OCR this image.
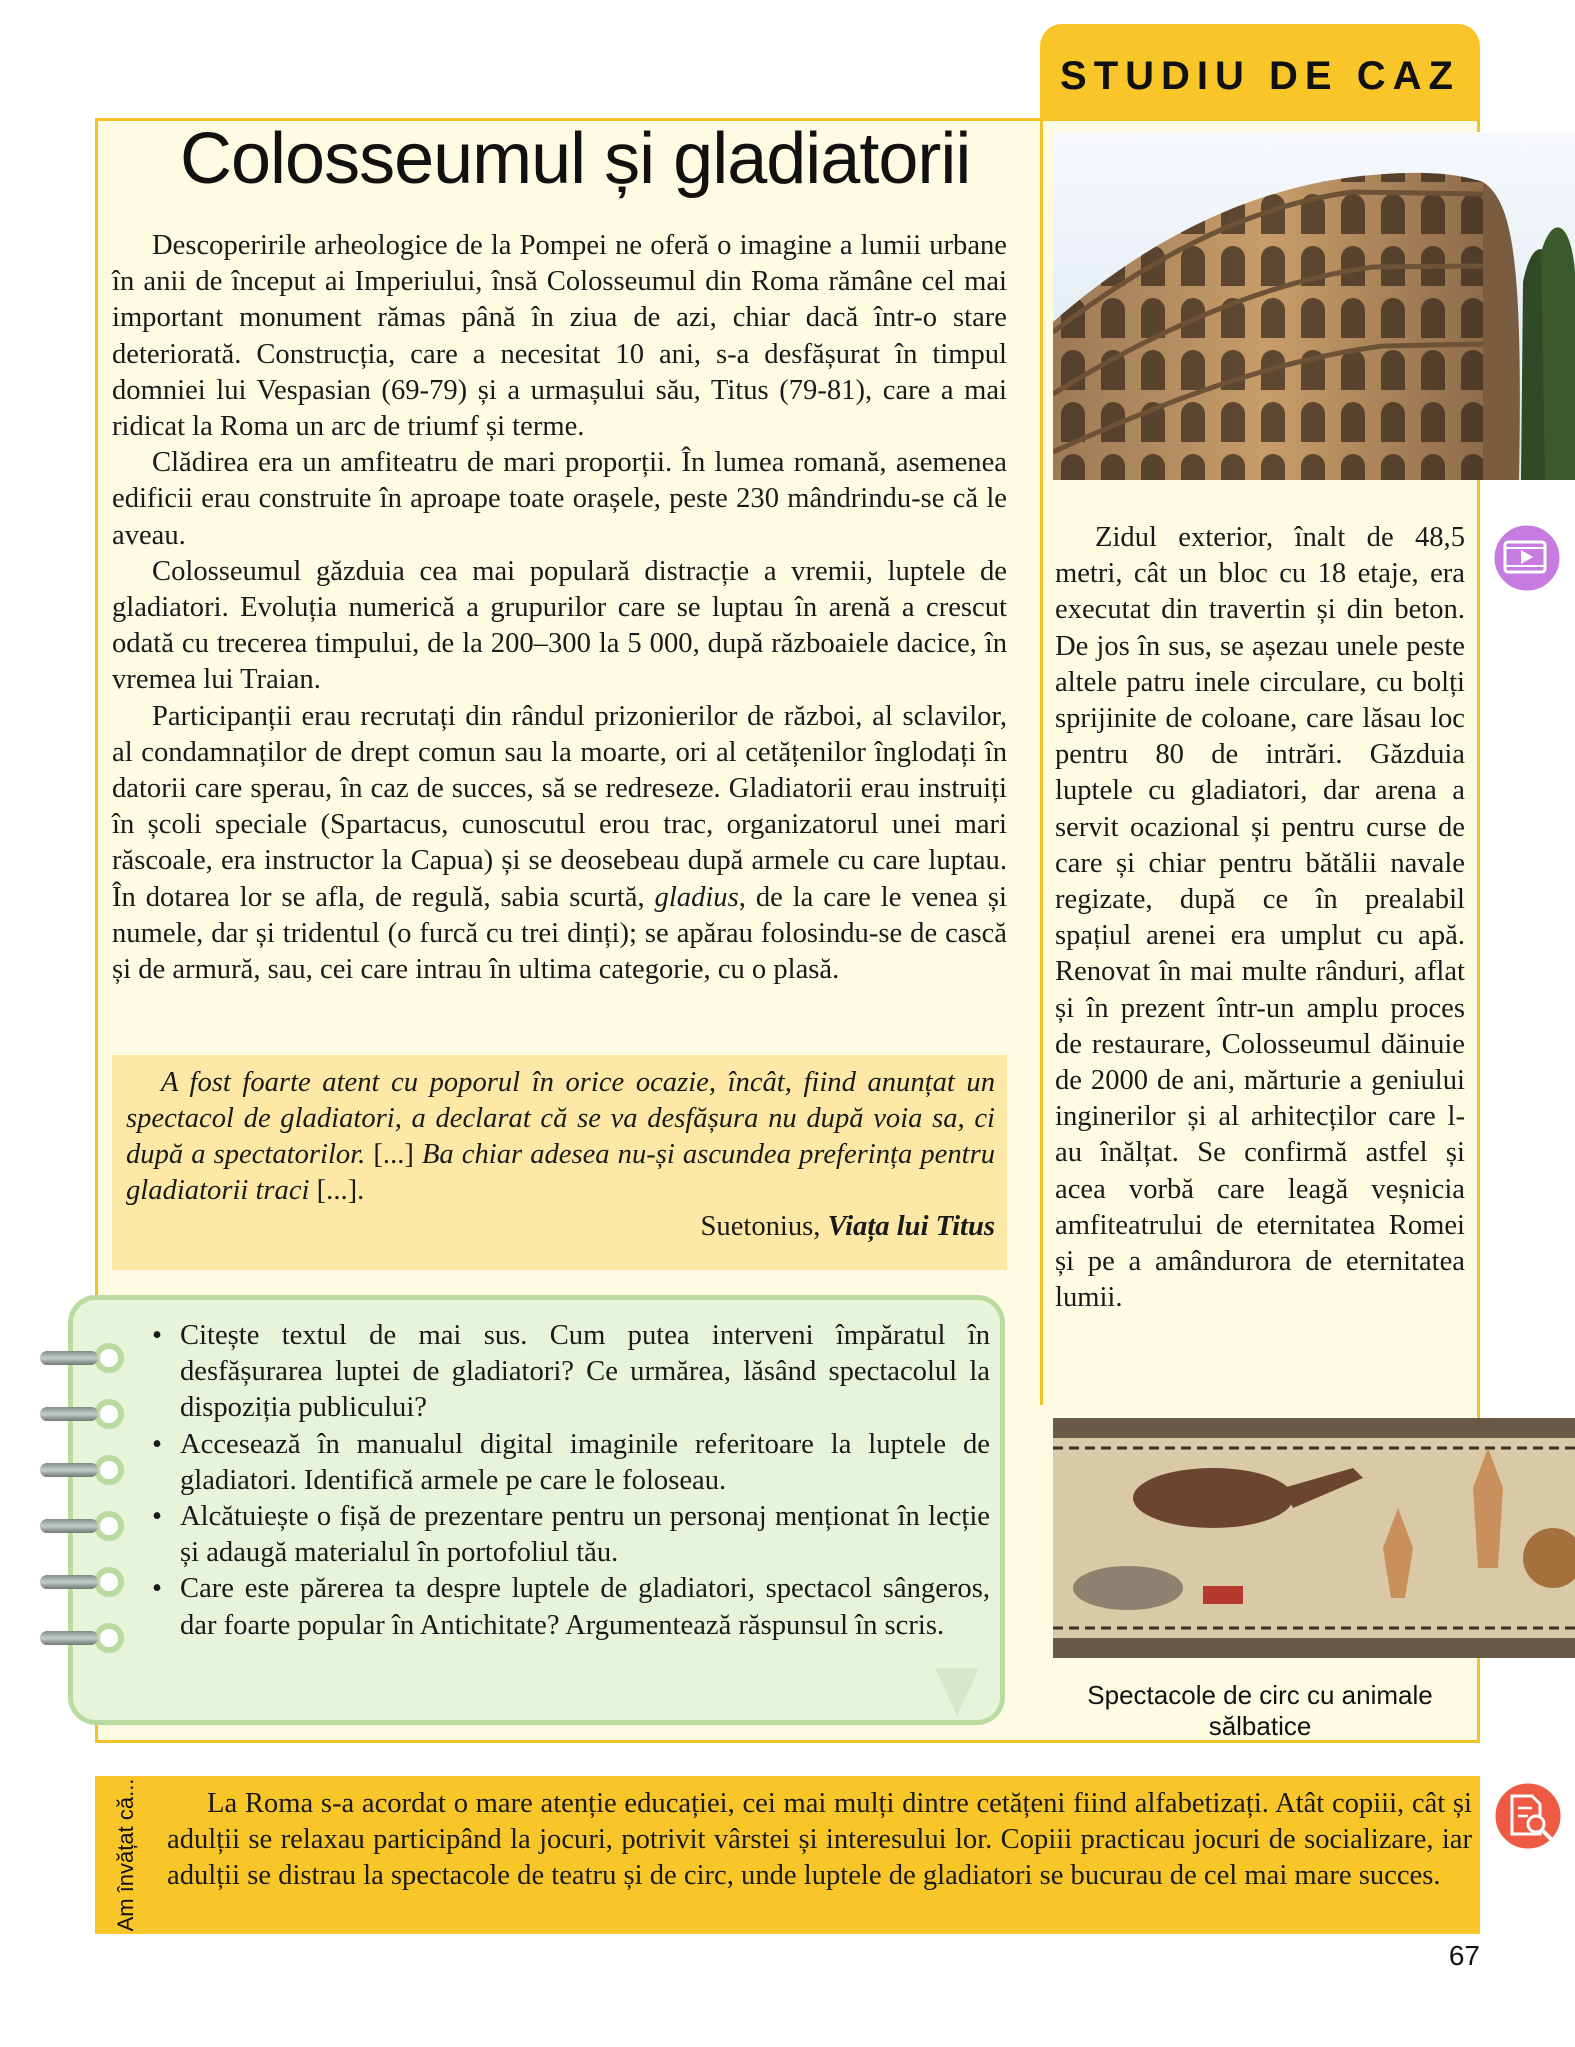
STUDIU DE CAZ
Colosseumul și gladiatorii

Descoperirile arheologice de la Pompei ne oferă o imagine a lumii urbane în anii de început ai Imperiului, însă Colosseumul din Roma rămâne cel mai important monument rămas până în ziua de azi, chiar dacă într-o stare deteriorată. Construcția, care a necesitat 10 ani, s-a desfășurat în timpul domniei lui Vespasian (69-79) și a urmașului său, Titus (79-81), care a mai ridicat la Roma un arc de triumf și terme.

Clădirea era un amfiteatru de mari proporții. În lumea romană, asemenea edificii erau construite în aproape toate orașele, peste 230 mândrindu-se că le aveau.

Colosseumul găzduia cea mai populară distracție a vremii, luptele de gladiatori. Evoluția numerică a grupurilor care se luptau în arenă a crescut odată cu trecerea timpului, de la 200–300 la 5 000, după războaiele dacice, în vremea lui Traian.

Participanții erau recrutați din rândul prizonierilor de război, al sclavilor, al condamnaților de drept comun sau la moarte, ori al cetățenilor înglodați în datorii care sperau, în caz de succes, să se redreseze. Gladiatorii erau instruiți în școli speciale (Spartacus, cunoscutul erou trac, organizatorul unei mari răscoale, era instructor la Capua) și se deosebeau după armele cu care luptau. În dotarea lor se afla, de regulă, sabia scurtă, gladius, de la care le venea și numele, dar și tridentul (o furcă cu trei dinți); se apărau folosindu-se de cască și de armură, sau, cei care intrau în ultima categorie, cu o plasă.

A fost foarte atent cu poporul în orice ocazie, încât, fiind anunțat un spectacol de gladiatori, a declarat că se va desfășura nu după voia sa, ci după a spectatorilor. [...] Ba chiar adesea nu-și ascundea preferința pentru gladiatorii traci [...].

Suetonius, Viața lui Titus

• Citește textul de mai sus. Cum putea interveni împăratul în desfășurarea luptei de gladiatori? Ce urmărea, lăsând spectacolul la dispoziția publicului?
• Accesează în manualul digital imaginile referitoare la luptele de gladiatori. Identifică armele pe care le foloseau.
• Alcătuiește o fișă de prezentare pentru un personaj menționat în lecție și adaugă materialul în portofoliul tău.
• Care este părerea ta despre luptele de gladiatori, spectacol sângeros, dar foarte popular în Antichitate? Argumentează răspunsul în scris.

Zidul exterior, înalt de 48,5 metri, cât un bloc cu 18 etaje, era executat din travertin și din beton. De jos în sus, se așezau unele peste altele patru inele circulare, cu bolți sprijinite de coloane, care lăsau loc pentru 80 de intrări. Găzduia luptele cu gladiatori, dar arena a servit ocazional și pentru curse de care și chiar pentru bătălii navale regizate, după ce în prealabil spațiul arenei era umplut cu apă. Renovat în mai multe rânduri, aflat și în prezent într-un amplu proces de restaurare, Colosseumul dăinuie de 2000 de ani, mărturie a geniului inginerilor și al arhitecților care l-au înălțat. Se confirmă astfel și acea vorbă care leagă veșnicia amfiteatrului de eternitatea Romei și pe a amândurora de eternitatea lumii.

Spectacole de circ cu animale sălbatice
Am învățat că...	La Roma s-a acordat o mare atenție educației, cei mai mulți dintre cetățeni fiind alfabetizați. Atât copiii, cât și adulții se relaxau participând la jocuri, potrivit vârstei și interesului lor. Copiii practicau jocuri de socializare, iar adulții se distrau la spectacole de teatru și de circ, unde luptele de gladiatori se bucurau de cel mai mare succes.

67
